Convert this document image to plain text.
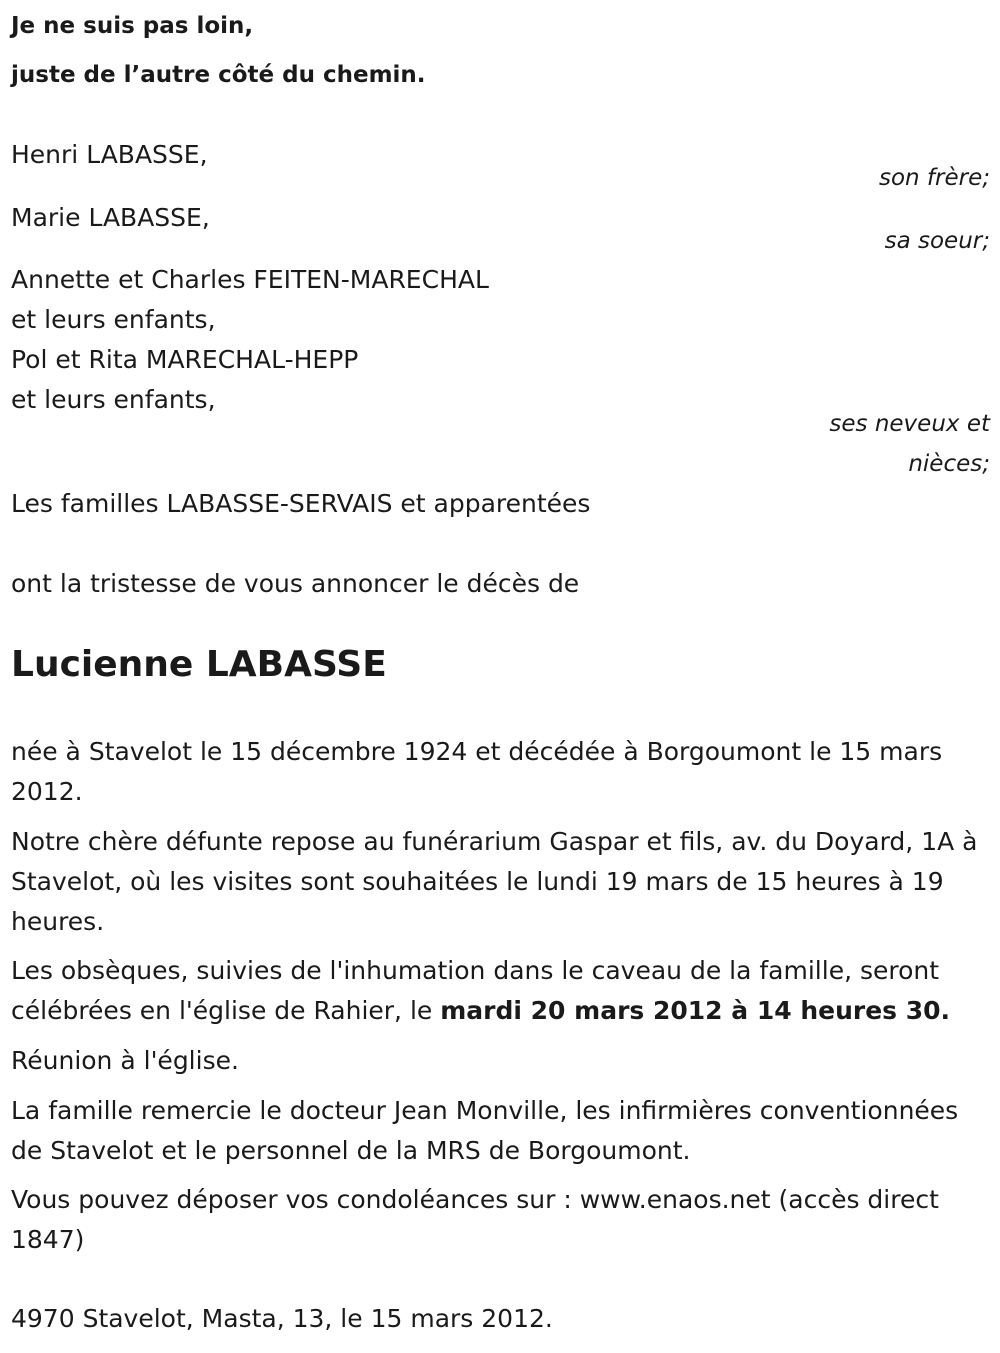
Je ne suis pas loin,
juste de l’autre côté du chemin.
Henri LABASSE,
son frère;
Marie LABASSE,
sa soeur;
Annette et Charles FEITEN-MARECHAL
et leurs enfants,
Pol et Rita MARECHAL-HEPP
et leurs enfants,
ses neveux et
nièces;
Les familles LABASSE-SERVAIS et apparentées
ont la tristesse de vous annoncer le décès de
Lucienne LABASSE
née à Stavelot le 15 décembre 1924 et décédée à Borgoumont le 15 mars 2012.
Notre chère défunte repose au funérarium Gaspar et fils, av. du Doyard, 1A à Stavelot, où les visites sont souhaitées le lundi 19 mars de 15 heures à 19 heures.
Les obsèques, suivies de l'inhumation dans le caveau de la famille, seront célébrées en l'église de Rahier, le mardi 20 mars 2012 à 14 heures 30.
Réunion à l'église.
La famille remercie le docteur Jean Monville, les infirmières conventionnées de Stavelot et le personnel de la MRS de Borgoumont.
Vous pouvez déposer vos condoléances sur : www.enaos.net (accès direct 1847)
4970 Stavelot, Masta, 13, le 15 mars 2012.
